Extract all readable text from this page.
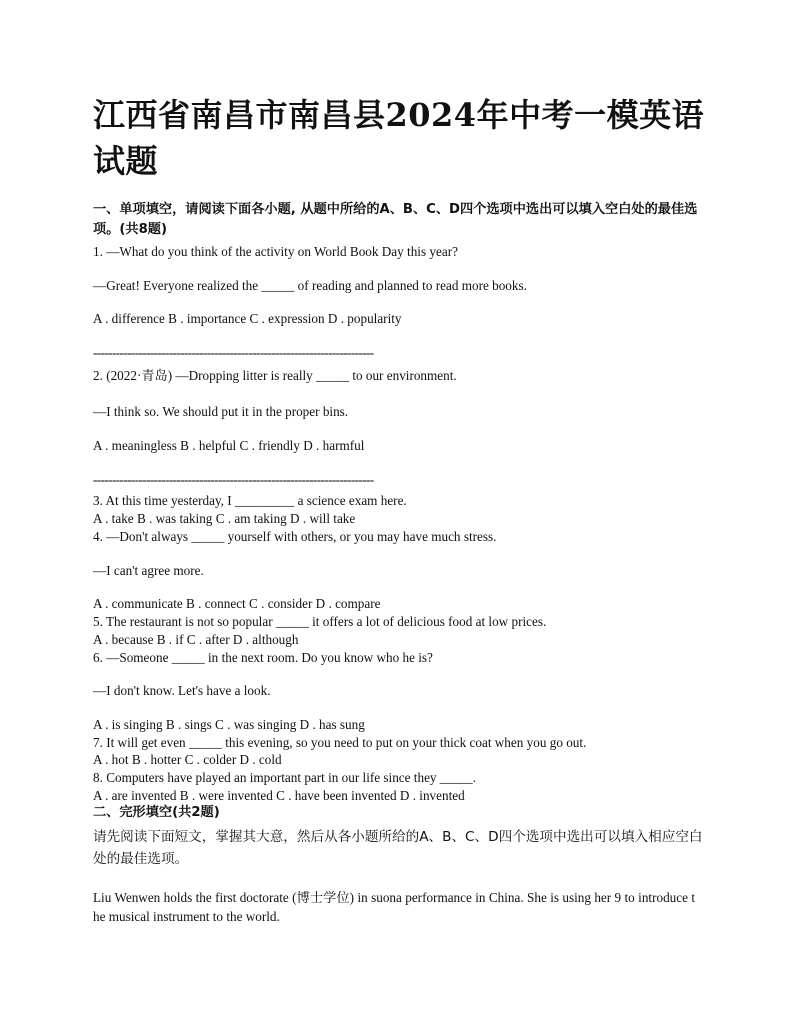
江西省南昌市南昌县2024年中考一模英语试题
一、单项填空，请阅读下面各小题, 从题中所给的A、B、C、D四个选项中选出可以填入空白处的最佳选项。(共8题)
1. —What do you think of the activity on World Book Day this year?
—Great! Everyone realized the _____ of reading and planned to read more books.
A . difference B . importance C . expression D . popularity
--------------------------------------------------------------------------
2. (2022·青岛) —Dropping litter is really _____ to our environment.
—I think so. We should put it in the proper bins.
A . meaningless B . helpful C . friendly D . harmful
--------------------------------------------------------------------------
3. At this time yesterday, I _________ a science exam here.
A . take B . was taking C . am taking D . will take
4. —Don't always _____ yourself with others, or you may have much stress.
—I can't agree more.
A . communicate B . connect C . consider D . compare
5. The restaurant is not so popular _____ it offers a lot of delicious food at low prices.
A . because B . if C . after D . although
6. —Someone _____ in the next room. Do you know who he is?
—I don't know. Let's have a look.
A . is singing B . sings C . was singing D . has sung
7. It will get even _____ this evening, so you need to put on your thick coat when you go out.
A . hot B . hotter C . colder D . cold
8. Computers have played an important part in our life since they _____.
A . are invented B . were invented C . have been invented D . invented
二、完形填空(共2题)
请先阅读下面短文，掌握其大意，然后从各小题所给的A、B、C、D四个选项中选出可以填入相应空白处的最佳选项。
Liu Wenwen holds the first doctorate (博士学位) in suona performance in China. She is using her 9 to introduce the musical instrument to the world.
